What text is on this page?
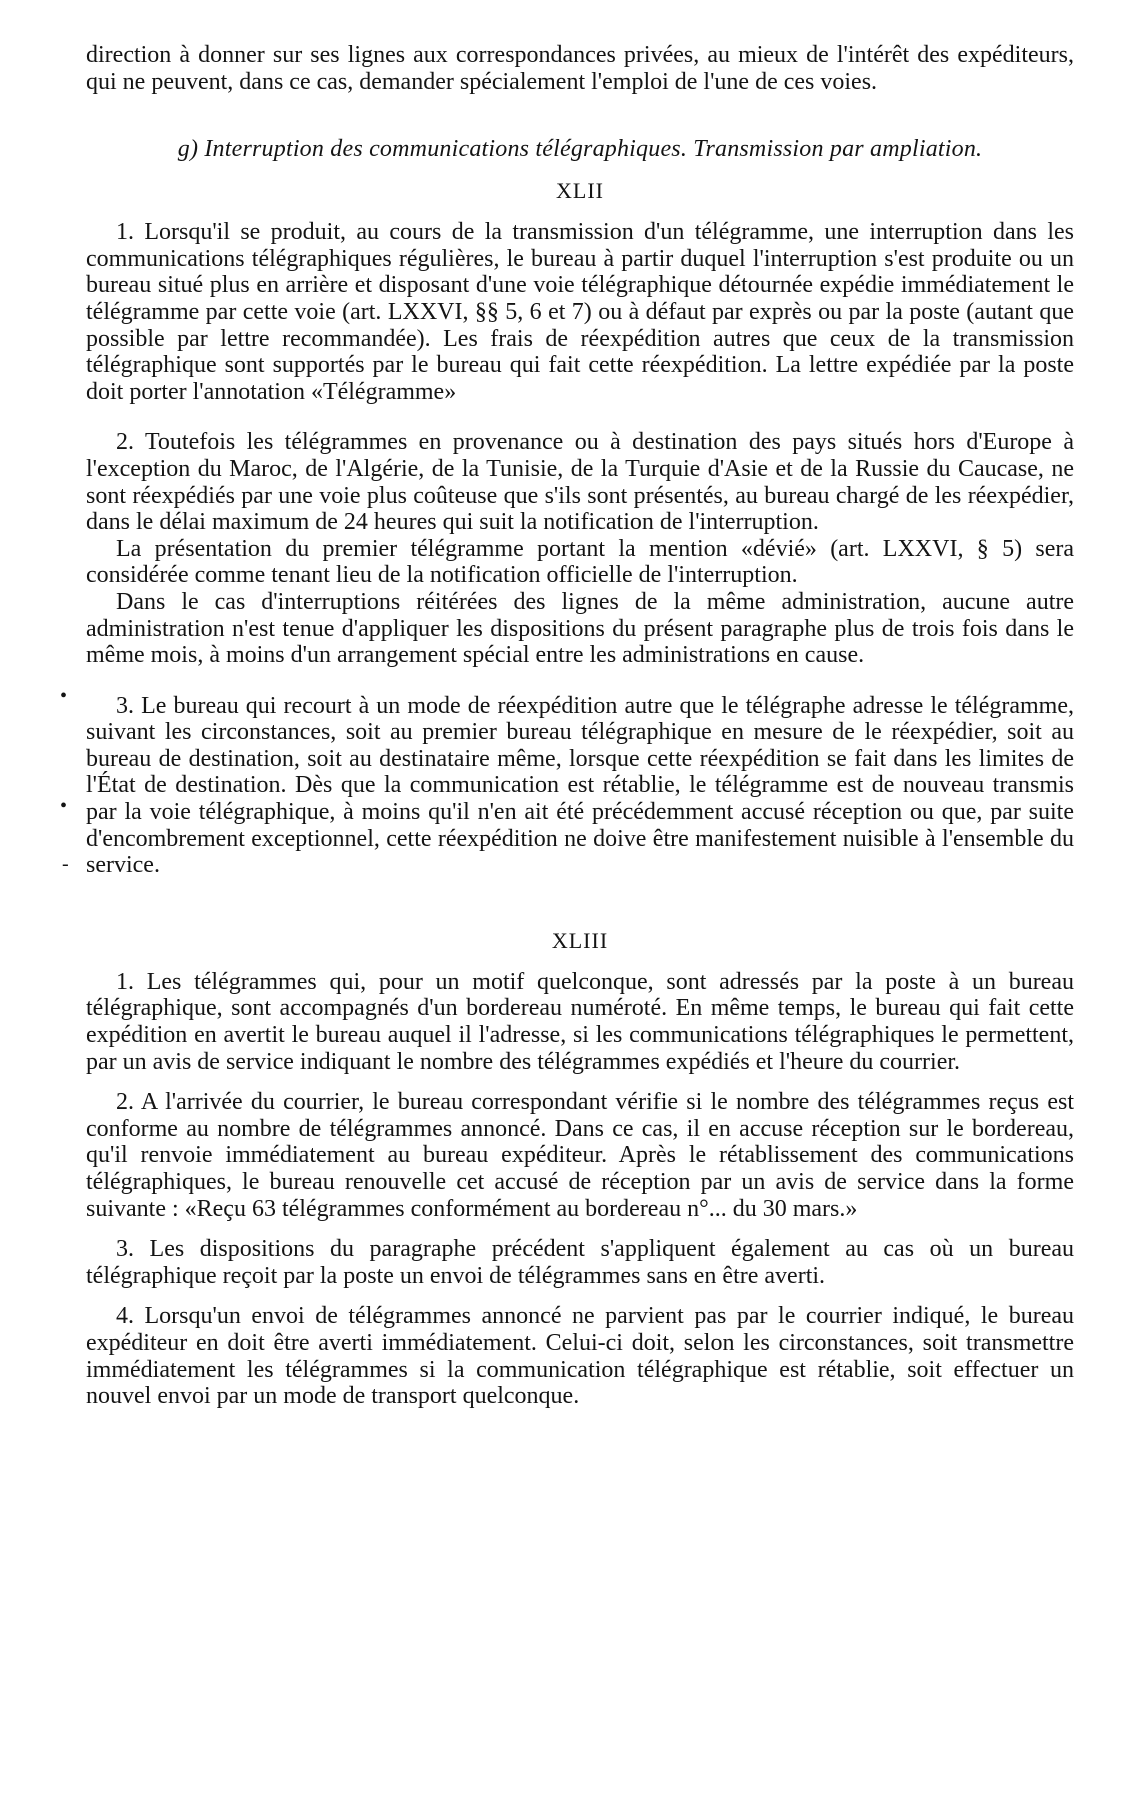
direction à donner sur ses lignes aux correspondances privées, au mieux de l'intérêt des expéditeurs, qui ne peuvent, dans ce cas, demander spécialement l'emploi de l'une de ces voies.

g) Interruption des communications télégraphiques. Transmission par ampliation.

XLII

1. Lorsqu'il se produit, au cours de la transmission d'un télégramme, une interruption dans les communications télégraphiques régulières, le bureau à partir duquel l'interruption s'est produite ou un bureau situé plus en arrière et disposant d'une voie télégraphique détournée expédie immédiatement le télégramme par cette voie (art. LXXVI, §§ 5, 6 et 7) ou à défaut par exprès ou par la poste (autant que possible par lettre recommandée). Les frais de réexpédition autres que ceux de la transmission télégraphique sont supportés par le bureau qui fait cette réexpédition. La lettre expédiée par la poste doit porter l'annotation «Télégramme»

2. Toutefois les télégrammes en provenance ou à destination des pays situés hors d'Europe à l'exception du Maroc, de l'Algérie, de la Tunisie, de la Turquie d'Asie et de la Russie du Caucase, ne sont réexpédiés par une voie plus coûteuse que s'ils sont présentés, au bureau chargé de les réexpédier, dans le délai maximum de 24 heures qui suit la notification de l'interruption.

La présentation du premier télégramme portant la mention «dévié» (art. LXXVI, § 5) sera considérée comme tenant lieu de la notification officielle de l'interruption.

Dans le cas d'interruptions réitérées des lignes de la même administration, aucune autre administration n'est tenue d'appliquer les dispositions du présent paragraphe plus de trois fois dans le même mois, à moins d'un arrangement spécial entre les administrations en cause.

3. Le bureau qui recourt à un mode de réexpédition autre que le télégraphe adresse le télégramme, suivant les circonstances, soit au premier bureau télégraphique en mesure de le réexpédier, soit au bureau de destination, soit au destinataire même, lorsque cette réexpédition se fait dans les limites de l'État de destination. Dès que la communication est rétablie, le télégramme est de nouveau transmis par la voie télégraphique, à moins qu'il n'en ait été précédemment accusé réception ou que, par suite d'encombrement exceptionnel, cette réexpédition ne doive être manifestement nuisible à l'ensemble du service.

XLIII

1. Les télégrammes qui, pour un motif quelconque, sont adressés par la poste à un bureau télégraphique, sont accompagnés d'un bordereau numéroté. En même temps, le bureau qui fait cette expédition en avertit le bureau auquel il l'adresse, si les communications télégraphiques le permettent, par un avis de service indiquant le nombre des télégrammes expédiés et l'heure du courrier.

2. A l'arrivée du courrier, le bureau correspondant vérifie si le nombre des télégrammes reçus est conforme au nombre de télégrammes annoncé. Dans ce cas, il en accuse réception sur le bordereau, qu'il renvoie immédiatement au bureau expéditeur. Après le rétablissement des communications télégraphiques, le bureau renouvelle cet accusé de réception par un avis de service dans la forme suivante : «Reçu 63 télégrammes conformément au bordereau n°... du 30 mars.»

3. Les dispositions du paragraphe précédent s'appliquent également au cas où un bureau télégraphique reçoit par la poste un envoi de télégrammes sans en être averti.

4. Lorsqu'un envoi de télégrammes annoncé ne parvient pas par le courrier indiqué, le bureau expéditeur en doit être averti immédiatement. Celui-ci doit, selon les circonstances, soit transmettre immédiatement les télégrammes si la communication télégraphique est rétablie, soit effectuer un nouvel envoi par un mode de transport quelconque.

•
•
-
